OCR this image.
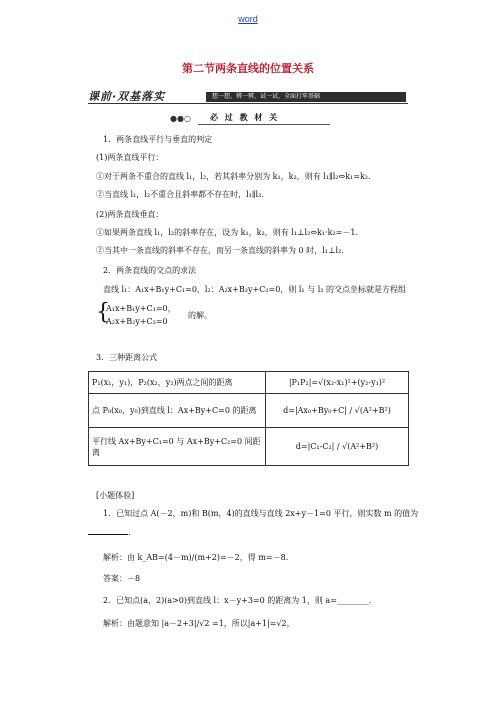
word
第二节两条直线的位置关系
课前·双基落实	想一想、辨一辨、试一试、全面打牢基础
●●○ 必 过 教 材 关
1．两条直线平行与垂直的判定
(1)两条直线平行：
①对于两条不重合的直线 l₁，l₂，若其斜率分别为 k₁，k₂，则有 l₁∥l₂⇔k₁=k₂.
②当直线 l₁，l₂不重合且斜率都不存在时，l₁∥l₂.
(2)两条直线垂直：
①如果两条直线 l₁，l₂的斜率存在，设为 k₁，k₂，则有 l₁⊥l₂⇔k₁·k₂=－1.
②当其中一条直线的斜率不存在，而另一条直线的斜率为 0 时，l₁⊥l₂.
2．两条直线的交点的求法
直线 l₁：A₁x+B₁y+C₁=0，l₂：A₂x+B₂y+C₂=0，则 l₁ 与 l₂ 的交点坐标就是方程组
{
A₁x+B₁y+C₁=0，
A₂x+B₂y+C₂=0
的解。
3．三种距离公式
P₁(x₁，y₁)，P₂(x₂，y₂)两点之间的距离	|P₁P₂|=√(x₂-x₁)²+(y₂-y₁)²
点 P₀(x₀，y₀)到直线 l：Ax+By+C=0 的距离	d=|Ax₀+By₀+C| / √(A²+B²)
平行线 Ax+By+C₁=0 与 Ax+By+C₂=0 间距离	d=|C₁-C₂| / √(A²+B²)
[小题体验]
1．已知过点 A(－2，m)和 B(m，4)的直线与直线 2x+y－1=0 平行，则实数 m 的值为
.
解析：由 k_AB=(4－m)/(m+2)=－2，得 m=－8.
答案：－8
2．已知点(a，2)(a>0)到直线 l：x－y+3=0 的距离为 1，则 a=________.
解析：由题意知 |a－2+3|/√2 =1，所以|a+1|=√2，
